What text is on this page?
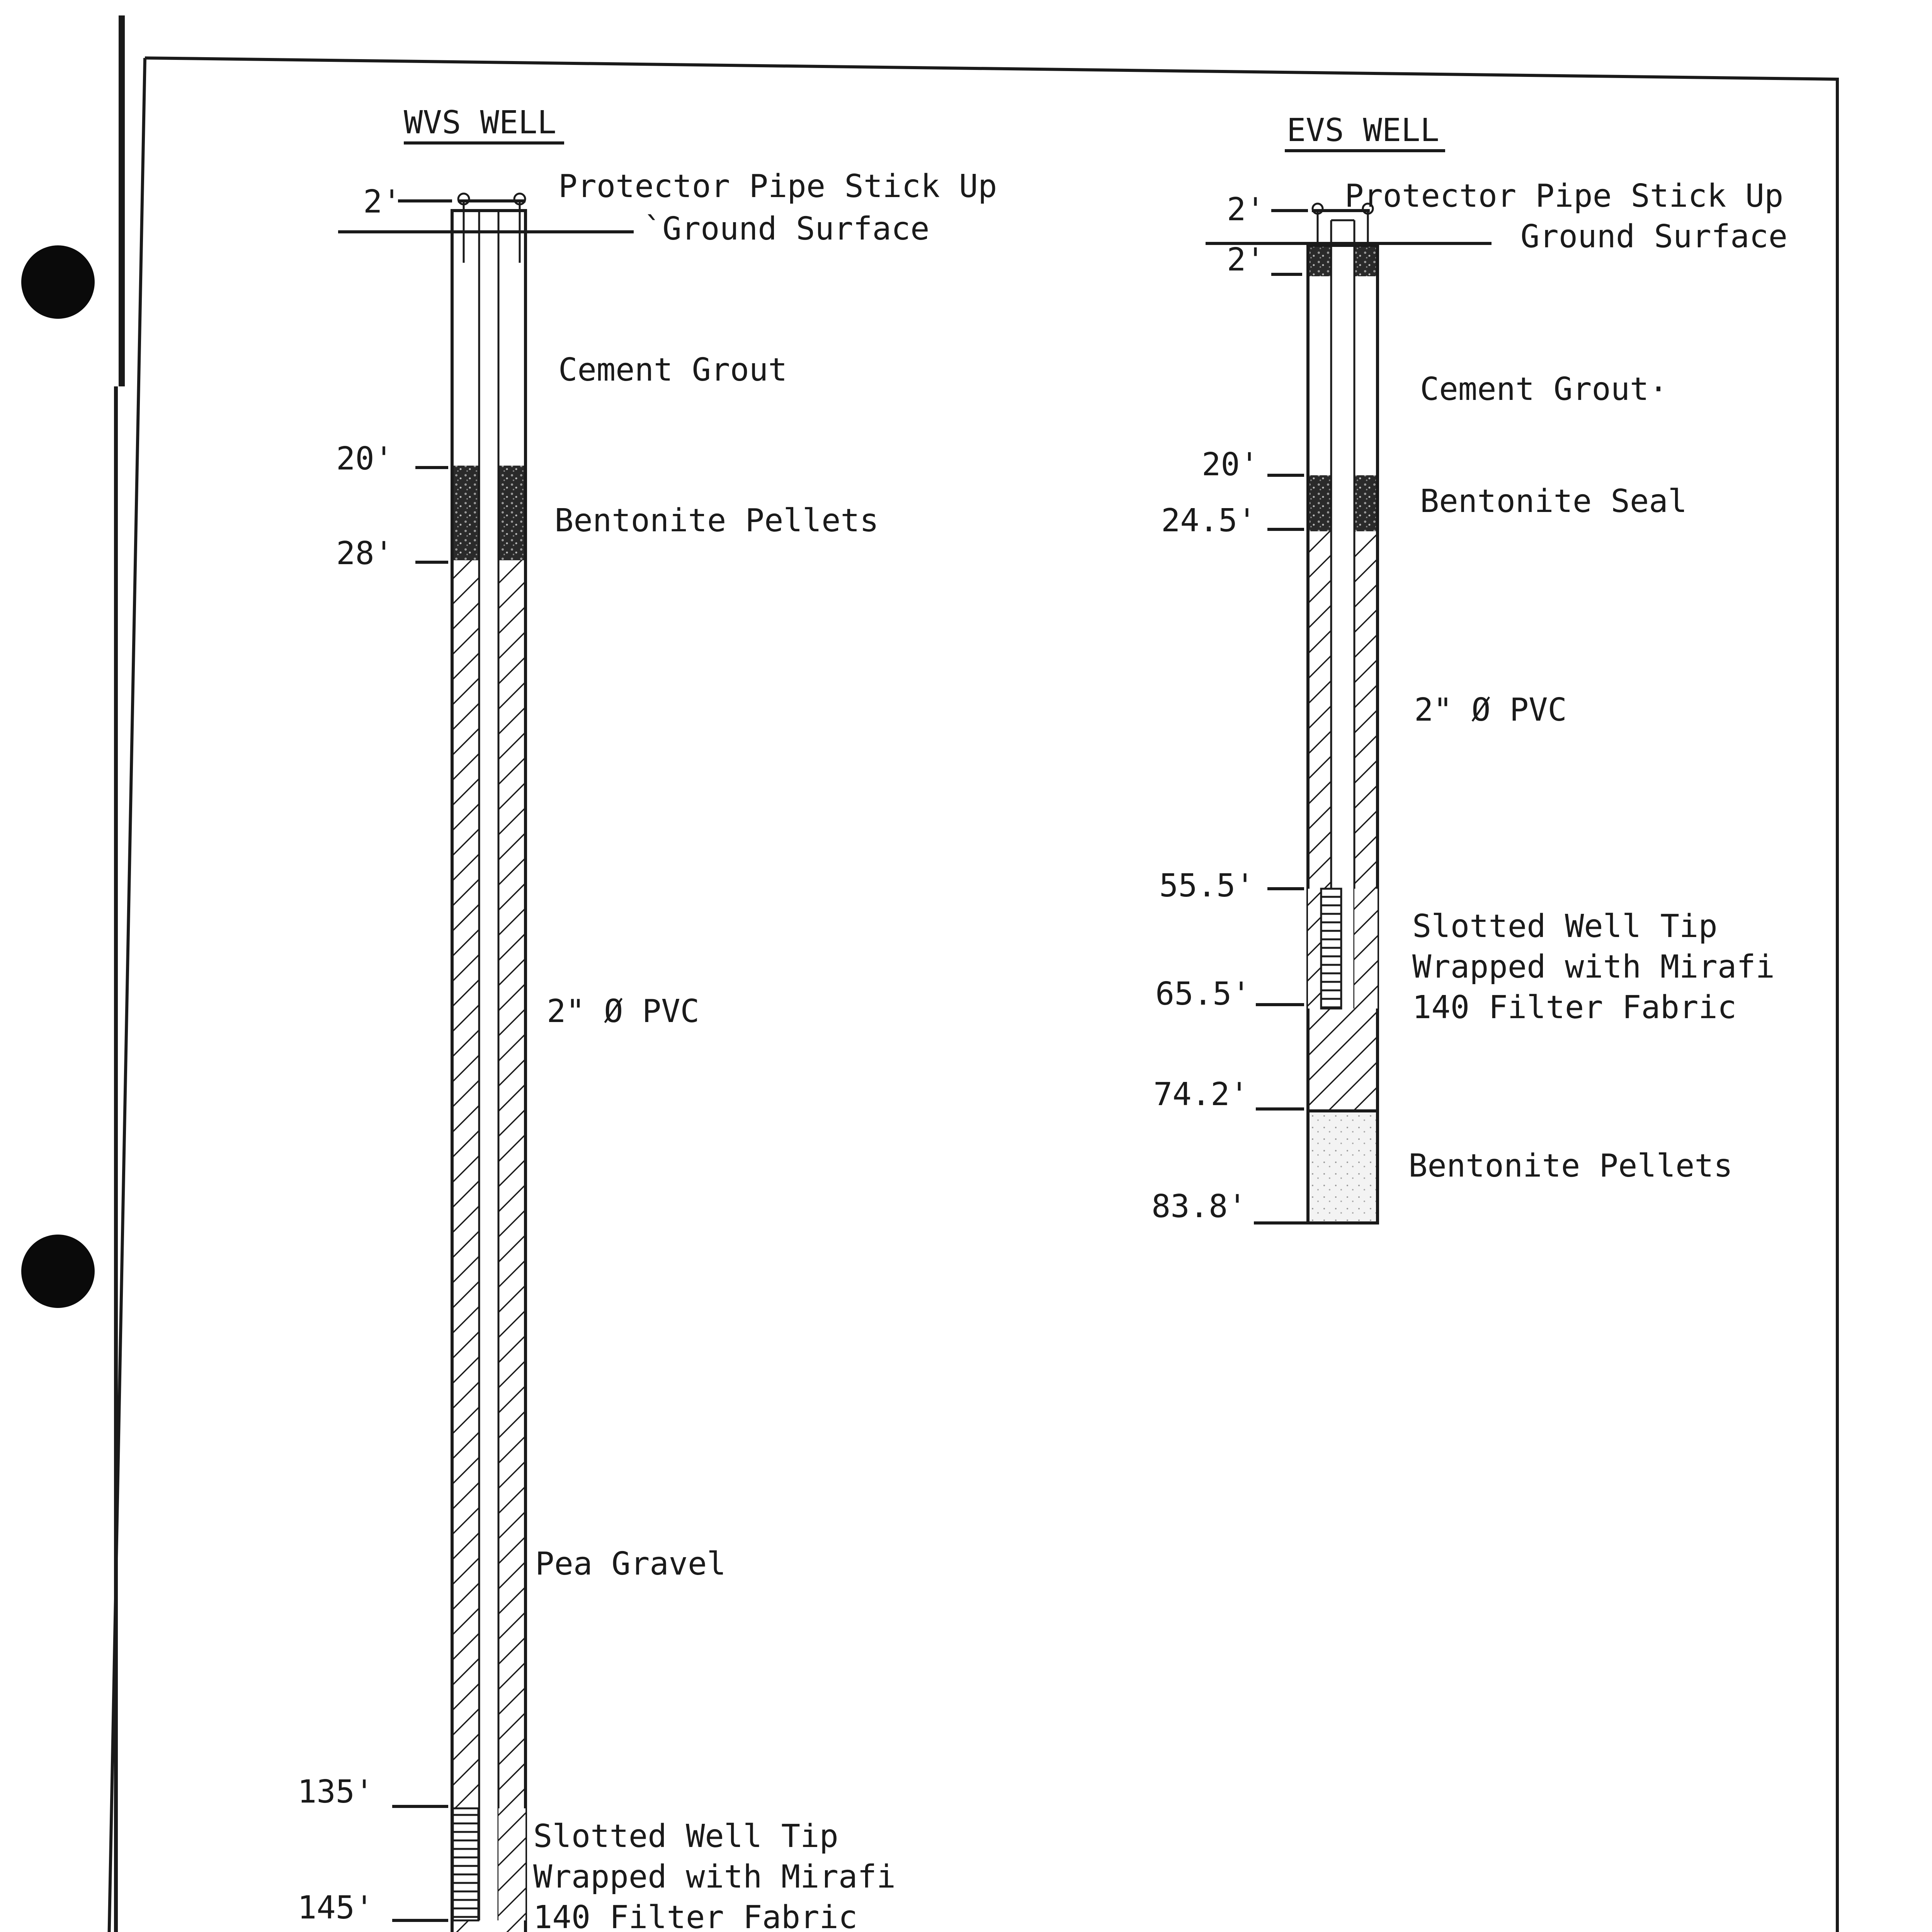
WVS WELL
2'
20'
28'
135'
145'
Protector Pipe Stick Up
`Ground Surface
Cement Grout
Bentonite Pellets
2" Ø PVC
Pea Gravel
Slotted Well Tip
Wrapped with Mirafi
140 Filter Fabric
EVS WELL
2'
2'
20'
24.5'
55.5'
65.5'
74.2'
83.8'
Protector Pipe Stick Up
Ground Surface
Cement Grout·
Bentonite Seal
2" Ø PVC
Slotted Well Tip
Wrapped with Mirafi
140 Filter Fabric
Bentonite Pellets
